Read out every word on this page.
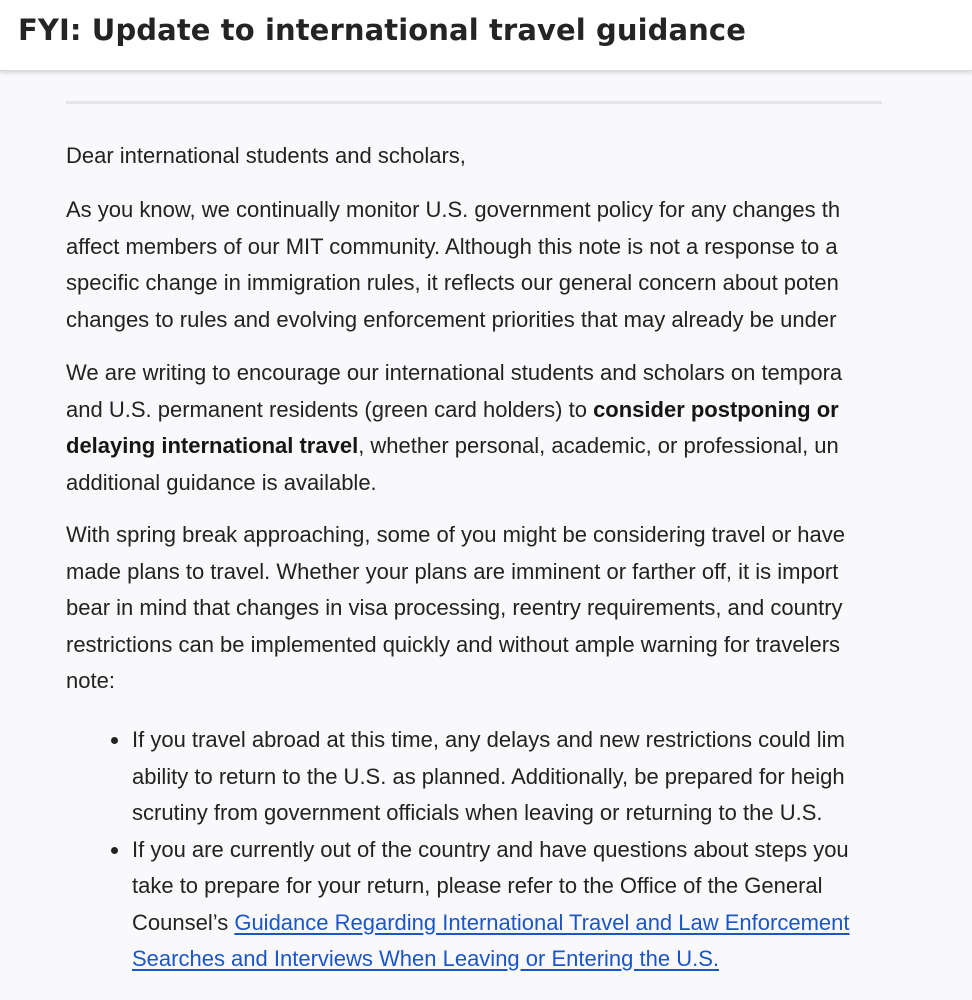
FYI: Update to international travel guidance

Dear international students and scholars,

As you know, we continually monitor U.S. government policy for any changes th
affect members of our MIT community. Although this note is not a response to a
specific change in immigration rules, it reflects our general concern about poten
changes to rules and evolving enforcement priorities that may already be under

We are writing to encourage our international students and scholars on tempora
and U.S. permanent residents (green card holders) to consider postponing or
delaying international travel, whether personal, academic, or professional, un
additional guidance is available.

With spring break approaching, some of you might be considering travel or have
made plans to travel. Whether your plans are imminent or farther off, it is import
bear in mind that changes in visa processing, reentry requirements, and country
restrictions can be implemented quickly and without ample warning for travelers
note:

If you travel abroad at this time, any delays and new restrictions could lim
ability to return to the U.S. as planned. Additionally, be prepared for heigh
scrutiny from government officials when leaving or returning to the U.S.
If you are currently out of the country and have questions about steps you
take to prepare for your return, please refer to the Office of the General
Counsel’s Guidance Regarding International Travel and Law Enforcement
Searches and Interviews When Leaving or Entering the U.S.
